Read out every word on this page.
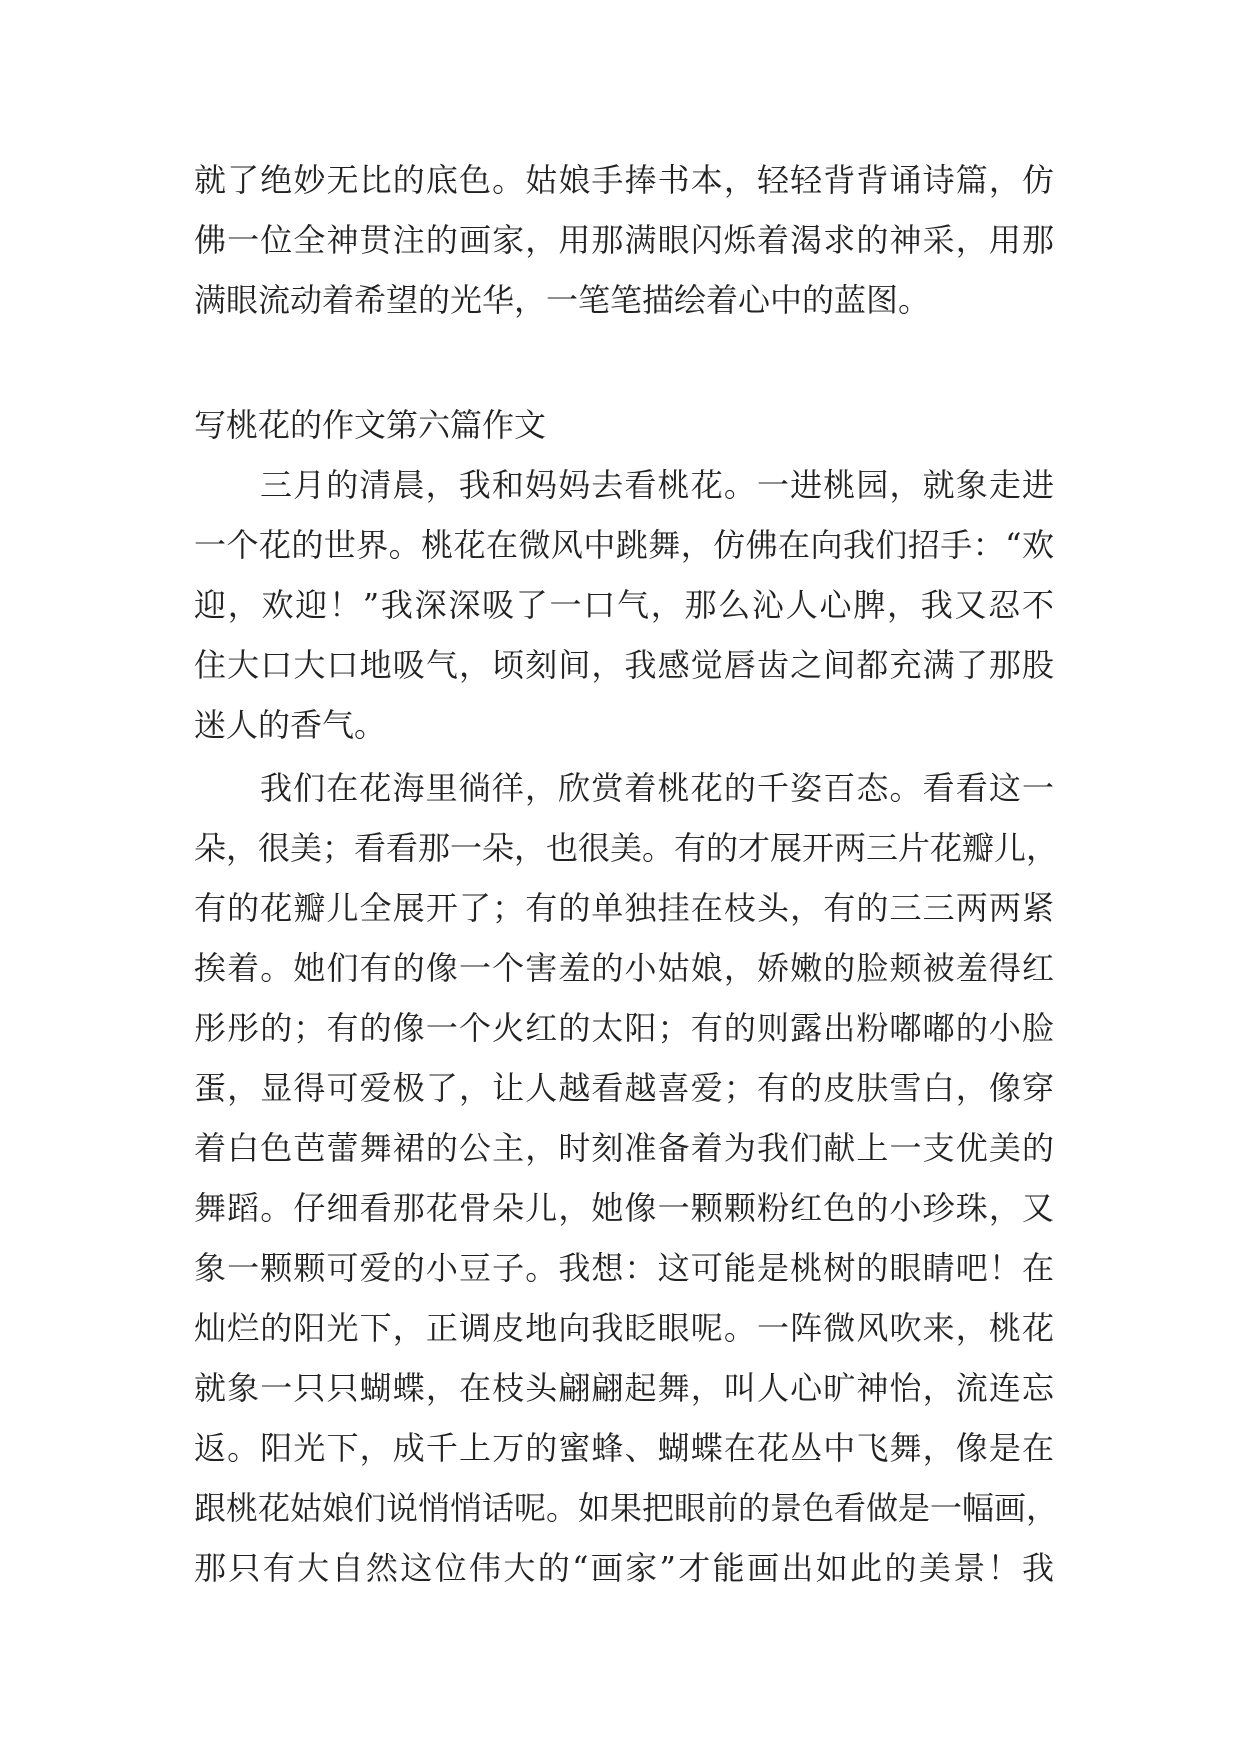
就了绝妙无比的底色。姑娘手捧书本，轻轻背背诵诗篇，仿
佛一位全神贯注的画家，用那满眼闪烁着渴求的神采，用那
满眼流动着希望的光华，一笔笔描绘着心中的蓝图。
写桃花的作文第六篇作文
三月的清晨，我和妈妈去看桃花。一进桃园，就象走进
一个花的世界。桃花在微风中跳舞，仿佛在向我们招手：“欢
迎，欢迎！”我深深吸了一口气，那么沁人心脾，我又忍不
住大口大口地吸气，顷刻间，我感觉唇齿之间都充满了那股
迷人的香气。
我们在花海里徜徉，欣赏着桃花的千姿百态。看看这一
朵，很美；看看那一朵，也很美。有的才展开两三片花瓣儿，
有的花瓣儿全展开了；有的单独挂在枝头，有的三三两两紧
挨着。她们有的像一个害羞的小姑娘，娇嫩的脸颊被羞得红
彤彤的；有的像一个火红的太阳；有的则露出粉嘟嘟的小脸
蛋，显得可爱极了，让人越看越喜爱；有的皮肤雪白，像穿
着白色芭蕾舞裙的公主，时刻准备着为我们献上一支优美的
舞蹈。仔细看那花骨朵儿，她像一颗颗粉红色的小珍珠，又
象一颗颗可爱的小豆子。我想：这可能是桃树的眼睛吧！在
灿烂的阳光下，正调皮地向我眨眼呢。一阵微风吹来，桃花
就象一只只蝴蝶，在枝头翩翩起舞，叫人心旷神怡，流连忘
返。阳光下，成千上万的蜜蜂、蝴蝶在花丛中飞舞，像是在
跟桃花姑娘们说悄悄话呢。如果把眼前的景色看做是一幅画，
那只有大自然这位伟大的“画家”才能画出如此的美景！我
